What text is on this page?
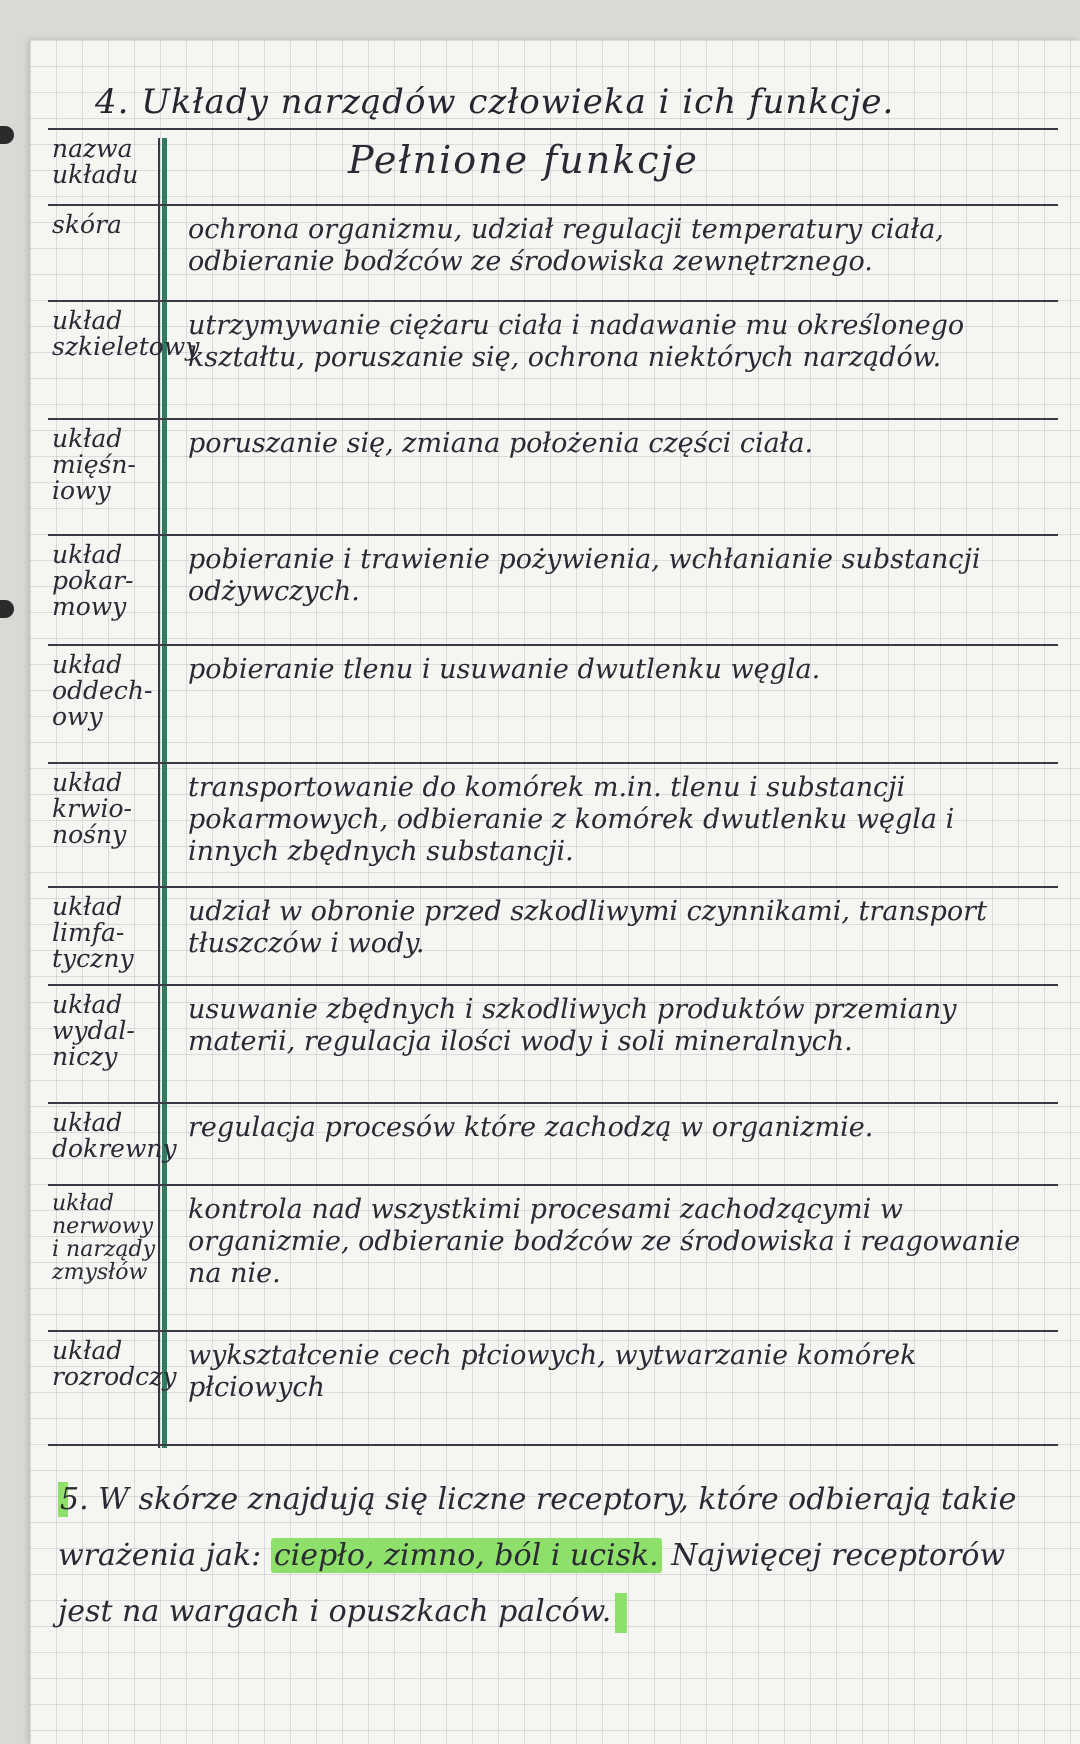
4. Układy narządów człowieka i ich funkcje.
nazwa
układu	Pełnione funkcje
skóra	ochrona organizmu, udział regulacji temperatury ciała, odbieranie bodźców ze środowiska zewnętrznego.
układ
szkieletowy
utrzymywanie ciężaru ciała i nadawanie mu określonego kształtu, poruszanie się, ochrona niektórych narządów.
układ
mięśn-
iowy
poruszanie się, zmiana położenia części ciała.
układ
pokar-
mowy
pobieranie i trawienie pożywienia, wchłanianie substancji odżywczych.
układ
oddech-
owy
pobieranie tlenu i usuwanie dwutlenku węgla.
układ
krwio-
nośny
transportowanie do komórek m.in. tlenu i substancji pokarmowych, odbieranie z komórek dwutlenku węgla i innych zbędnych substancji.
układ
limfa-
tyczny
udział w obronie przed szkodliwymi czynnikami, transport tłuszczów i wody.
układ
wydal-
niczy
usuwanie zbędnych i szkodliwych produktów przemiany materii, regulacja ilości wody i soli mineralnych.
układ
dokrewny
regulacja procesów które zachodzą w organizmie.
układ
nerwowy
i narządy
zmysłów
kontrola nad wszystkimi procesami zachodzącymi w organizmie, odbieranie bodźców ze środowiska i reagowanie na nie.
układ
rozrodczy
wykształcenie cech płciowych, wytwarzanie komórek płciowych
5. W skórze znajdują się liczne receptory, które odbierają takie wrażenia jak: ciepło, zimno, ból i ucisk. Najwięcej receptorów jest na wargach i opuszkach palców.
